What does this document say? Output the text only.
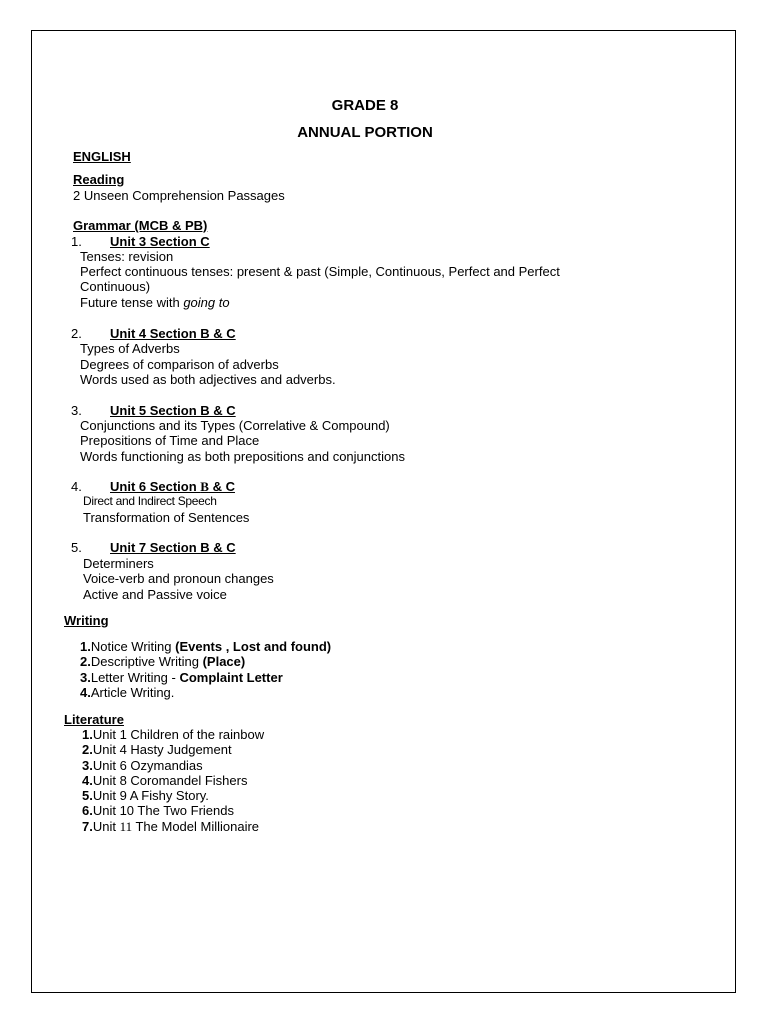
GRADE 8
ANNUAL PORTION
ENGLISH
Reading
2 Unseen Comprehension Passages
Grammar (MCB & PB)
1. Unit 3 Section C
Tenses: revision
Perfect continuous tenses: present & past (Simple, Continuous, Perfect and Perfect
Continuous)
Future tense with going to
2. Unit 4 Section B & C
Types of Adverbs
Degrees of comparison of adverbs
Words used as both adjectives and adverbs.
3. Unit 5 Section B & C
Conjunctions and its Types (Correlative & Compound)
Prepositions of Time and Place
Words functioning as both prepositions and conjunctions
4. Unit 6 Section B & C
Direct and Indirect Speech
Transformation of Sentences
5. Unit 7 Section B & C
Determiners
Voice-verb and pronoun changes
Active and Passive voice
Writing
1.Notice Writing (Events , Lost and found)
2.Descriptive Writing (Place)
3.Letter Writing - Complaint Letter
4.Article Writing.
Literature
1.Unit 1 Children of the rainbow
2.Unit 4 Hasty Judgement
3.Unit 6 Ozymandias
4.Unit 8 Coromandel Fishers
5.Unit 9 A Fishy Story.
6.Unit 10 The Two Friends
7.Unit 11 The Model Millionaire
